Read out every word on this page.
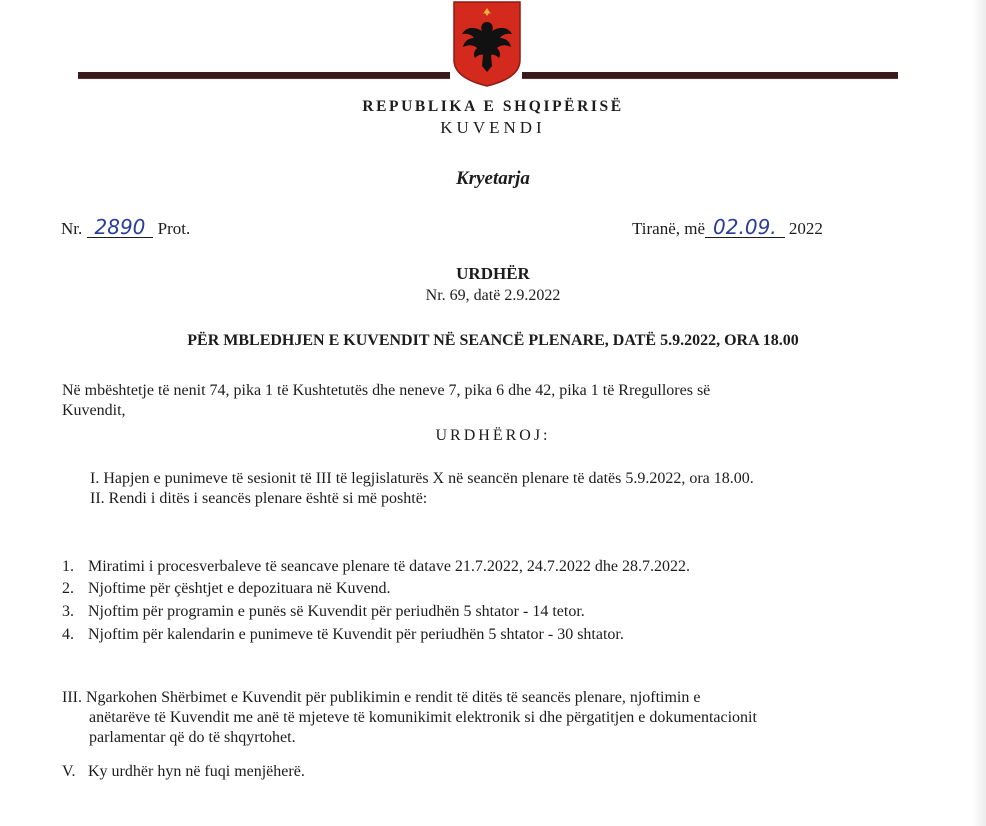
REPUBLIKA E SHQIPËRISË
KUVENDI
Kryetarja
Nr. 2890 Prot.	Tiranë, më 02.09. 2022
URDHËR
Nr. 69, datë 2.9.2022
PËR MBLEDHJEN E KUVENDIT NË SEANCË PLENARE, DATË 5.9.2022, ORA 18.00
Në mbështetje të nenit 74, pika 1 të Kushtetutës dhe neneve 7, pika 6 dhe 42, pika 1 të Rregullores së
Kuvendit,
URDHËROJ:
I. Hapjen e punimeve të sesionit të III të legjislaturës X në seancën plenare të datës 5.9.2022, ora 18.00.
II. Rendi i ditës i seancës plenare është si më poshtë:
1. Miratimi i procesverbaleve të seancave plenare të datave 21.7.2022, 24.7.2022 dhe 28.7.2022.
2. Njoftime për çështjet e depozituara në Kuvend.
3. Njoftim për programin e punës së Kuvendit për periudhën 5 shtator - 14 tetor.
4. Njoftim për kalendarin e punimeve të Kuvendit për periudhën 5 shtator - 30 shtator.
III. Ngarkohen Shërbimet e Kuvendit për publikimin e rendit të ditës të seancës plenare, njoftimin e
anëtarëve të Kuvendit me anë të mjeteve të komunikimit elektronik si dhe përgatitjen e dokumentacionit
parlamentar që do të shqyrtohet.
V. Ky urdhër hyn në fuqi menjëherë.
